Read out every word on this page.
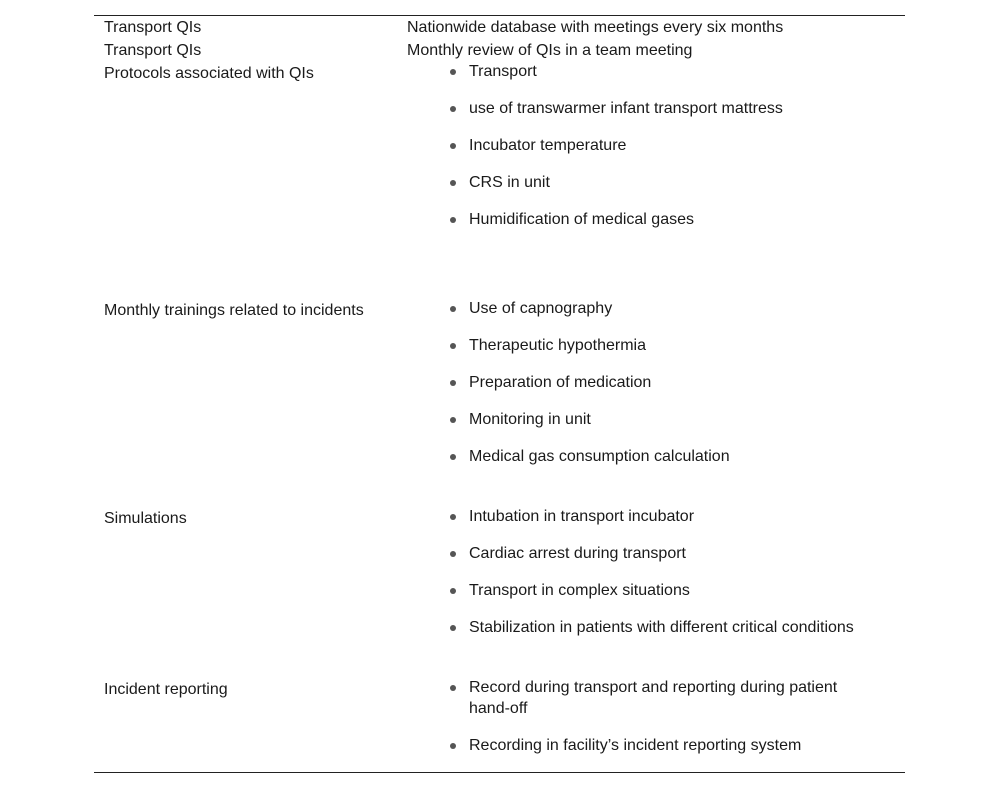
Transport QIs	Nationwide database with meetings every six months
Transport QIs	Monthly review of QIs in a team meeting
Protocols associated with QIs	Transport
use of transwarmer infant transport mattress
Incubator temperature
CRS in unit
Humidification of medical gases
Monthly trainings related to incidents	Use of capnography
Therapeutic hypothermia
Preparation of medication
Monitoring in unit
Medical gas consumption calculation
Simulations	Intubation in transport incubator
Cardiac arrest during transport
Transport in complex situations
Stabilization in patients with different critical conditions
Incident reporting	Record during transport and reporting during patient hand-off
Recording in facility’s incident reporting system
